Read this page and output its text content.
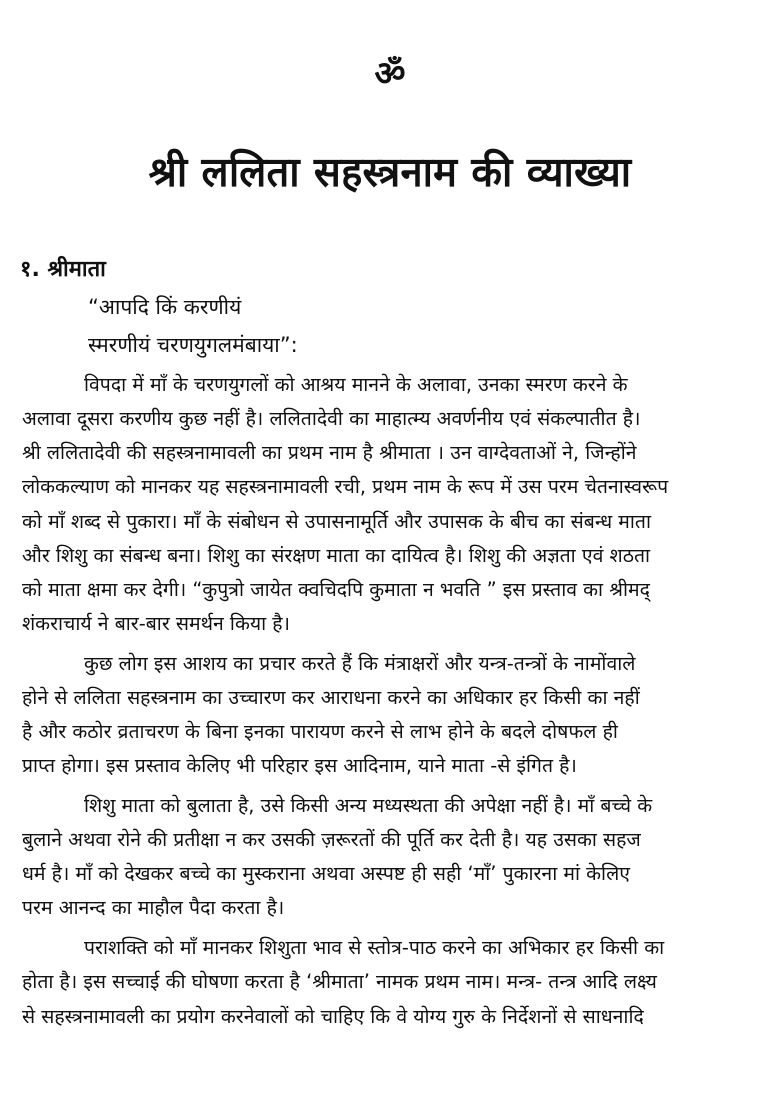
ॐ
श्री ललिता सहस्त्रनाम की व्याख्या
१. श्रीमाता
“आपदि किं करणीयं
स्मरणीयं चरणयुगलमंबाया”:
विपदा में माँ के चरणयुगलों को आश्रय मानने के अलावा, उनका स्मरण करने के
अलावा दूसरा करणीय कुछ नहीं है। ललितादेवी का माहात्म्य अवर्णनीय एवं संकल्पातीत है।
श्री ललितादेवी की सहस्त्रनामावली का प्रथम नाम है श्रीमाता । उन वाग्देवताओं ने, जिन्होंने
लोककल्याण को मानकर यह सहस्त्रनामावली रची, प्रथम नाम के रूप में उस परम चेतनास्वरूप
को माँ शब्द से पुकारा। माँ के संबोधन से उपासनामूर्ति और उपासक के बीच का संबन्ध माता
और शिशु का संबन्ध बना। शिशु का संरक्षण माता का दायित्व है। शिशु की अज्ञता एवं शठता
को माता क्षमा कर देगी। “कुपुत्रो जायेत क्वचिदपि कुमाता न भवति ” इस प्रस्ताव का श्रीमद्
शंकराचार्य ने बार-बार समर्थन किया है।
कुछ लोग इस आशय का प्रचार करते हैं कि मंत्राक्षरों और यन्त्र-तन्त्रों के नामोंवाले
होने से ललिता सहस्त्रनाम का उच्चारण कर आराधना करने का अधिकार हर किसी का नहीं
है और कठोर व्रताचरण के बिना इनका पारायण करने से लाभ होने के बदले दोषफल ही
प्राप्त होगा। इस प्रस्ताव केलिए भी परिहार इस आदिनाम, याने माता -से इंगित है।
शिशु माता को बुलाता है, उसे किसी अन्य मध्यस्थता की अपेक्षा नहीं है। माँ बच्चे के
बुलाने अथवा रोने की प्रतीक्षा न कर उसकी ज़रूरतों की पूर्ति कर देती है। यह उसका सहज
धर्म है। माँ को देखकर बच्चे का मुस्कराना अथवा अस्पष्ट ही सही ‘माँ’ पुकारना मां केलिए
परम आनन्द का माहौल पैदा करता है।
पराशक्ति को माँ मानकर शिशुता भाव से स्तोत्र-पाठ करने का अभिकार हर किसी का
होता है। इस सच्चाई की घोषणा करता है ‘श्रीमाता’ नामक प्रथम नाम। मन्त्र- तन्त्र आदि लक्ष्य
से सहस्त्रनामावली का प्रयोग करनेवालों को चाहिए कि वे योग्य गुरु के निर्देशनों से साधनादि
